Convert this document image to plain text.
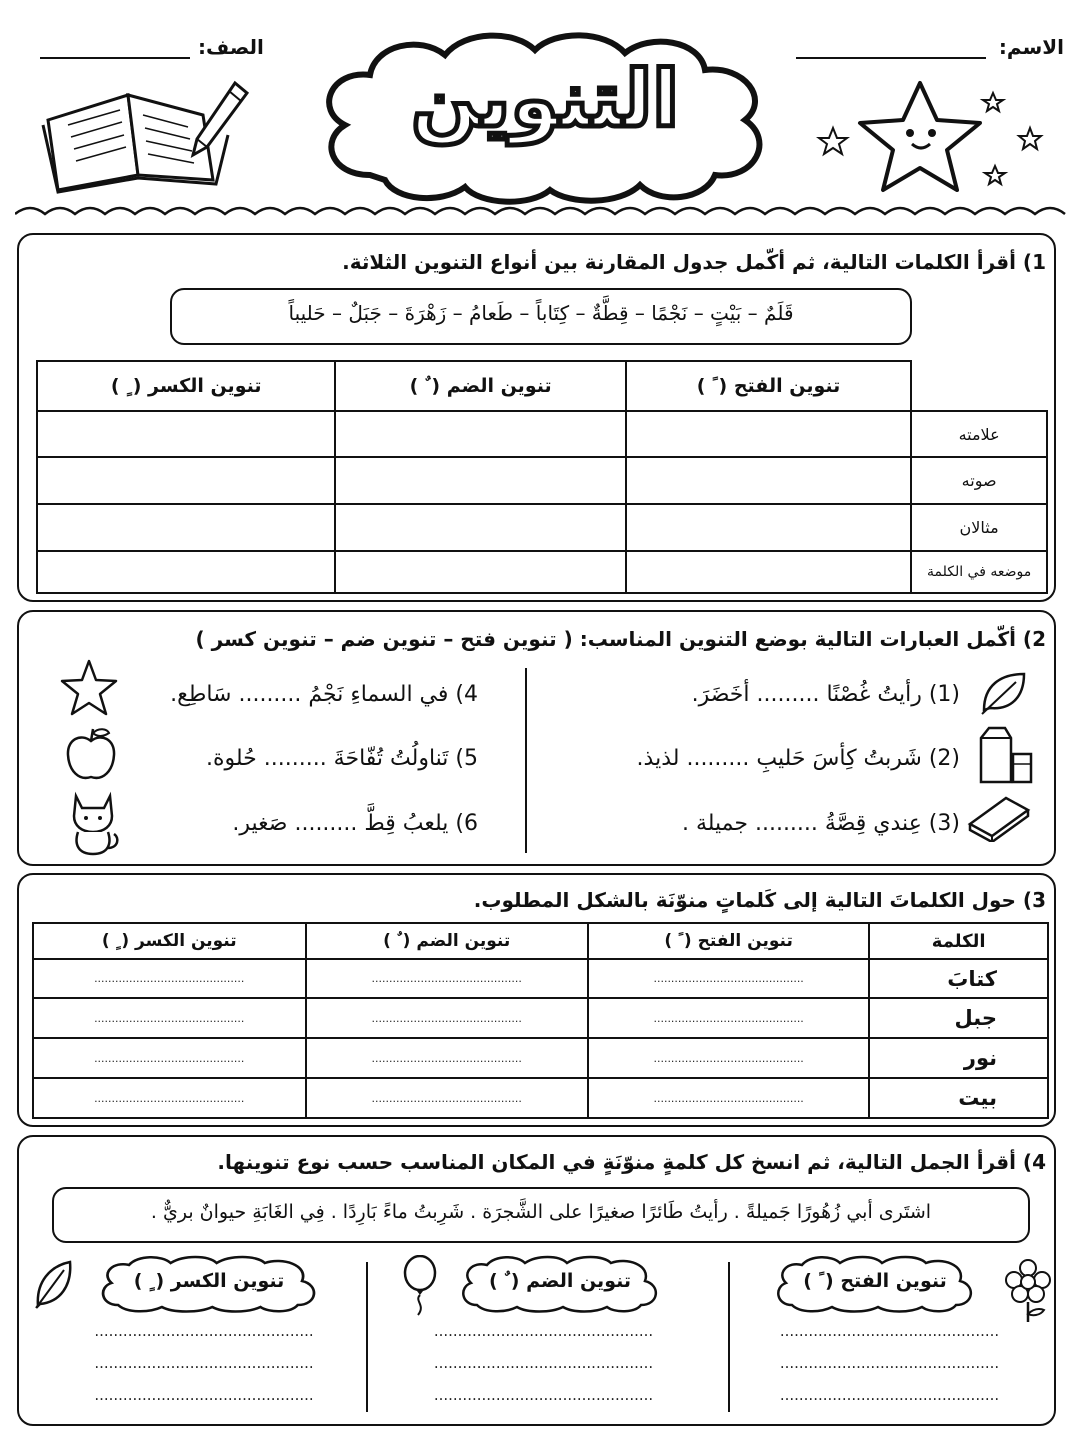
الاسم:
الصف:
التنوين
1) أقرأ الكلمات التالية، ثم أكّمل جدول المقارنة بين أنواع التنوين الثلاثة.
قَلَمٌ – بَيْتٍ – نَجْمًا – قِطَّةٌ – كِتَاباً – طَعامُ – زَهْرَةَ – جَبَلٌ – حَليباً
	تنوين الفتح ( ً )	تنوين الضم ( ٌ )	تنوين الكسر ( ٍ )
علامته			
صوته			
مثالان			
موضعه في الكلمة			
2) أكّمل العبارات التالية بوضع التنوين المناسب: ( تنوين فتح – تنوين ضم – تنوين كسر )
(1) رأيتُ غُصْنًا ......... أخَضَرَ.
(2) شَربتُ كِأسَ حَليبِ ......... لذيذ.
(3) عِندي قِصَّةُ ......... جميلة .
4) في السماءِ نَجْمُ ......... سَاطِع.
5) تَناولُتُ تُفّاحَةَ ......... حُلوة.
6) يلعبُ قِطَّ ......... صَغير.
3) حول الكلماتَ التالية إلى كَلماتٍ منوّنَة بالشكل المطلوب.
الكلمة	تنوين الفتح ( ً )	تنوين الضم ( ٌ )	تنوين الكسر ( ٍ )
كتابَ	...........................................	...........................................	...........................................
جبل	...........................................	...........................................	...........................................
نور	...........................................	...........................................	...........................................
بيت	...........................................	...........................................	...........................................
4) أقرأ الجمل التالية، ثم انسخ كل كلمةٍ منوّنَةٍ في المكان المناسب حسب نوع تنوينها.
اشتَرى أبي زُهُورًا جَميلةً . رأيتُ طَائرًا صغيرًا على الشَّجرَة . شَرِبتُ ماءً بَارِدًا . فِي الغَابَةِ حيوانٌ بريٌّ .
تنوين الفتح ( ً )
تنوين الضم ( ٌ )
تنوين الكسر ( ٍ )
..............................................
..............................................
..............................................
..............................................
..............................................
..............................................
..............................................
..............................................
..............................................
